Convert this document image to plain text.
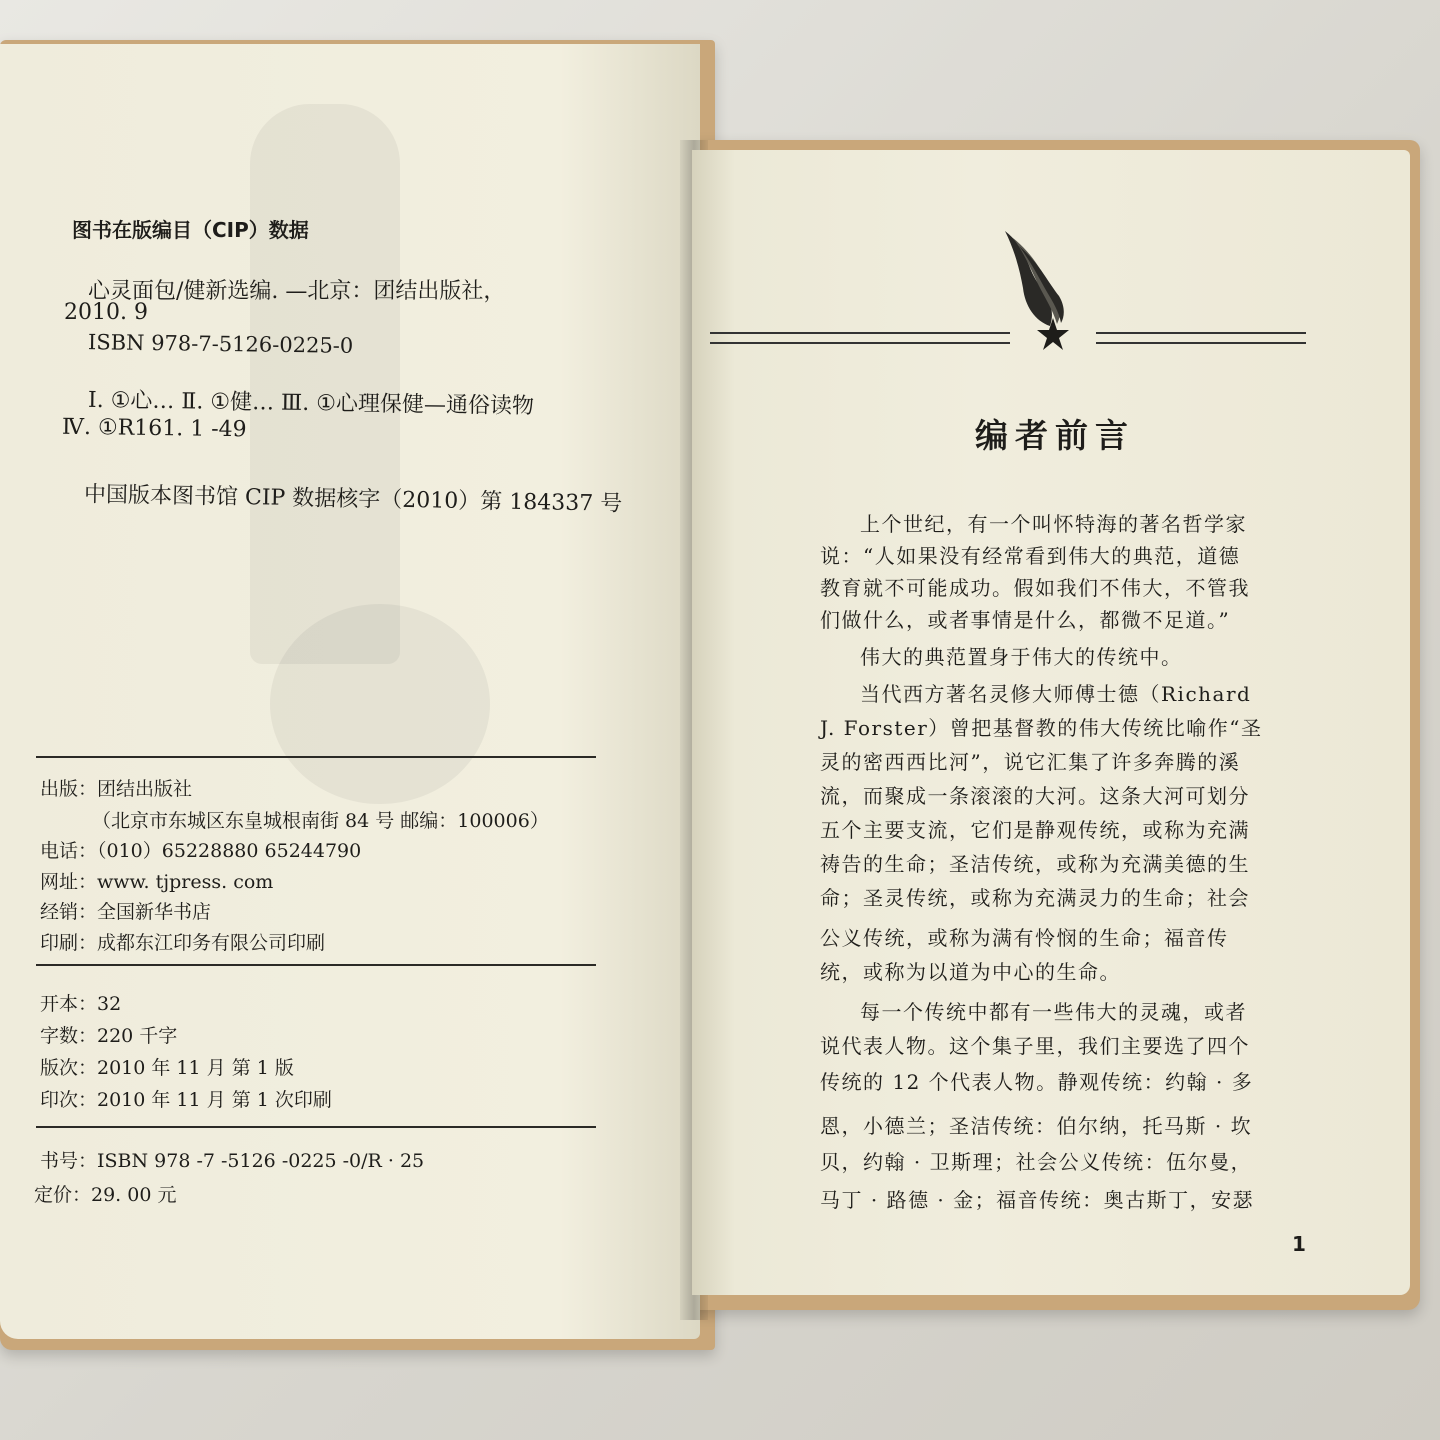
图书在版编目（CIP）数据
心灵面包/健新选编. —北京：团结出版社，
2010. 9
ISBN 978-7-5126-0225-0
Ⅰ. ①心… Ⅱ. ①健… Ⅲ. ①心理保健—通俗读物
Ⅳ. ①R161. 1 -49
中国版本图书馆 CIP 数据核字（2010）第 184337 号
出版：团结出版社
（北京市东城区东皇城根南街 84 号 邮编：100006）
电话：（010）65228880 65244790
网址：www. tjpress. com
经销：全国新华书店
印刷：成都东江印务有限公司印刷
开本：32
字数：220 千字
版次：2010 年 11 月 第 1 版
印次：2010 年 11 月 第 1 次印刷
书号：ISBN 978 -7 -5126 -0225 -0/R · 25
定价：29. 00 元
编者前言
上个世纪，有一个叫怀特海的著名哲学家
说：“人如果没有经常看到伟大的典范，道德
教育就不可能成功。假如我们不伟大，不管我
们做什么，或者事情是什么，都微不足道。”
伟大的典范置身于伟大的传统中。
当代西方著名灵修大师傅士德（Richard
J. Forster）曾把基督教的伟大传统比喻作“圣
灵的密西西比河”，说它汇集了许多奔腾的溪
流，而聚成一条滚滚的大河。这条大河可划分
五个主要支流，它们是静观传统，或称为充满
祷告的生命；圣洁传统，或称为充满美德的生
命；圣灵传统，或称为充满灵力的生命；社会
公义传统，或称为满有怜悯的生命；福音传
统，或称为以道为中心的生命。
每一个传统中都有一些伟大的灵魂，或者
说代表人物。这个集子里，我们主要选了四个
传统的 12 个代表人物。静观传统：约翰 · 多
恩，小德兰；圣洁传统：伯尔纳，托马斯 · 坎
贝，约翰 · 卫斯理；社会公义传统：伍尔曼，
马丁 · 路德 · 金；福音传统：奥古斯丁，安瑟
1
